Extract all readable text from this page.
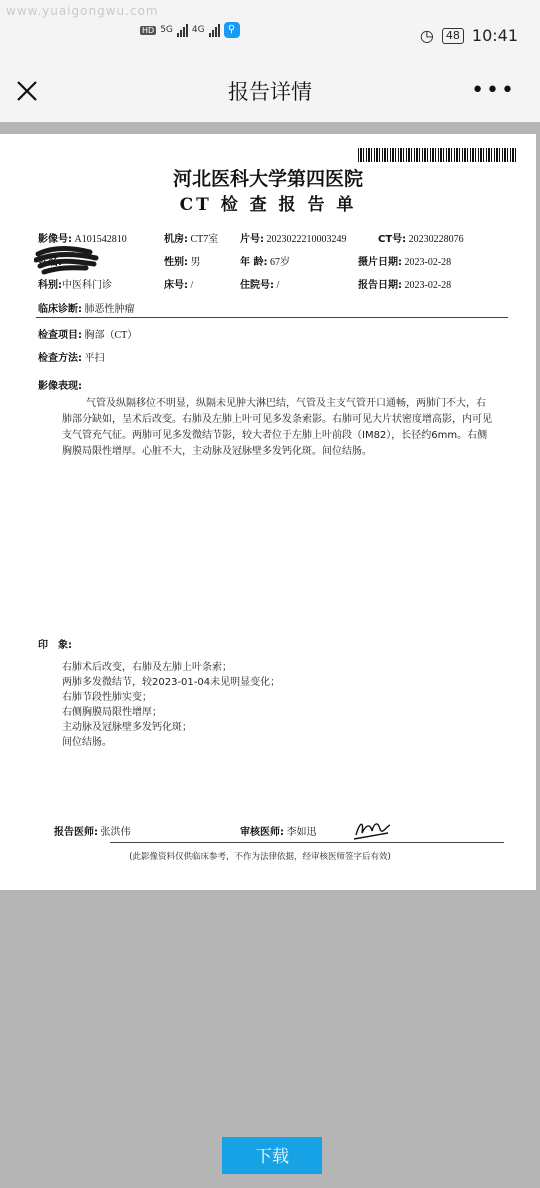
www.yuaigongwu.com
HD 5G 4G	⚲	◷	48 10:41
报告详情	•••
河北医科大学第四医院
CT 检 查 报 告 单
影像号: A101542810	机房: CT7室 片号: 2023022210003249	CT号: 20230228076
姓名:	性别: 男	年 龄: 67岁	摄片日期: 2023-02-28
科别:中医科门诊	床号: /	住院号: /	报告日期: 2023-02-28
临床诊断: 肺恶性肿瘤
检查项目: 胸部（CT）
检查方法: 平扫
影像表现:
气管及纵隔移位不明显，纵隔未见肿大淋巴结，气管及主支气管开口通畅，两肺门不大，右肺部分缺如，呈术后改变。右肺及左肺上叶可见多发条索影。右肺可见大片状密度增高影，内可见支气管充气征。两肺可见多发微结节影，较大者位于左肺上叶前段（IM82），长径约6mm。右侧胸膜局限性增厚。心脏不大，主动脉及冠脉壁多发钙化斑。间位结肠。
印　象:
右肺术后改变，右肺及左肺上叶条索；
两肺多发微结节，较2023-01-04未见明显变化；
右肺节段性肺实变；
右侧胸膜局限性增厚；
主动脉及冠脉壁多发钙化斑；
间位结肠。
报告医师: 张洪伟	审核医师: 李如迅
(此影像资料仅供临床参考，不作为法律依据，经审核医师签字后有效)
下载
